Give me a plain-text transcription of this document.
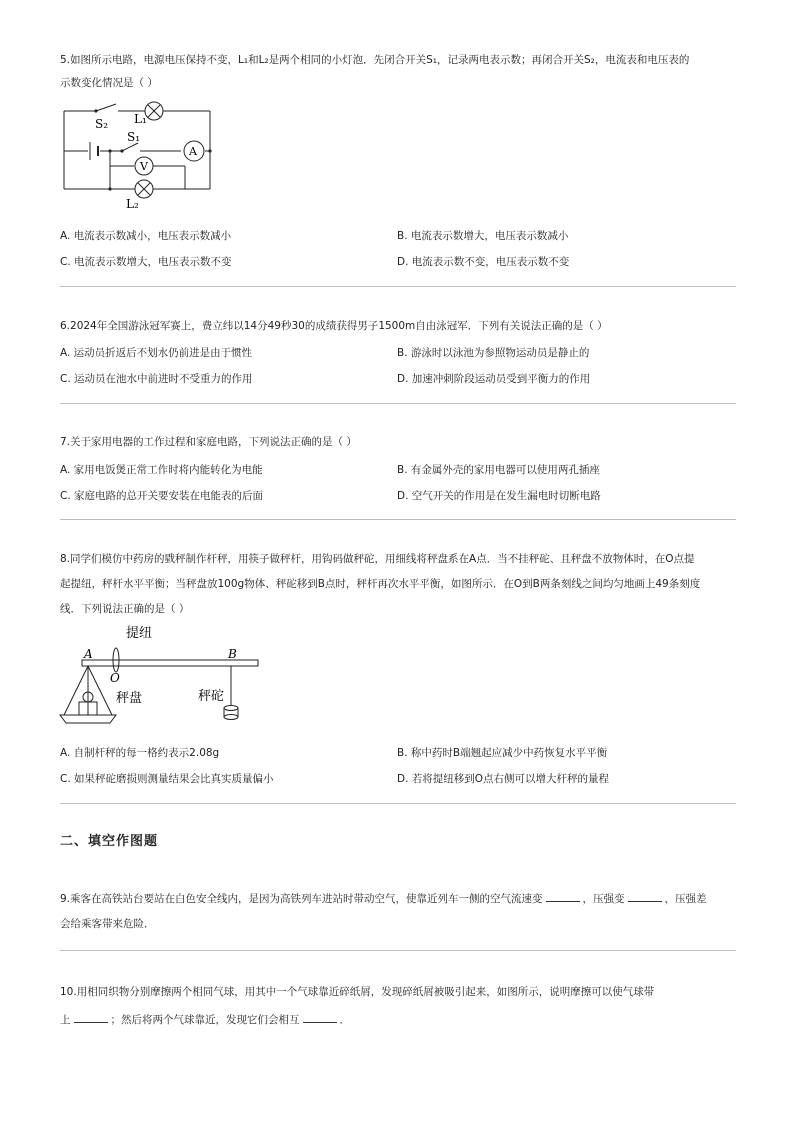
5.如图所示电路，电源电压保持不变，L₁和L₂是两个相同的小灯泡．先闭合开关S₁，记录两电表示数；再闭合开关S₂，电流表和电压表的
示数变化情况是（ ）
S₂ L₁
S₁
A
V
L₂
A. 电流表示数减小，电压表示数减小	B. 电流表示数增大，电压表示数减小
C. 电流表示数增大，电压表示数不变	D. 电流表示数不变，电压表示数不变
6.2024年全国游泳冠军赛上，费立纬以14分49秒30的成绩获得男子1500m自由泳冠军．下列有关说法正确的是（ ）
A. 运动员折返后不划水仍前进是由于惯性	B. 游泳时以泳池为参照物运动员是静止的
C. 运动员在池水中前进时不受重力的作用	D. 加速冲刺阶段运动员受到平衡力的作用
7.关于家用电器的工作过程和家庭电路，下列说法正确的是（ ）
A. 家用电饭煲正常工作时将内能转化为电能	B. 有金属外壳的家用电器可以使用两孔插座
C. 家庭电路的总开关要安装在电能表的后面	D. 空气开关的作用是在发生漏电时切断电路
8.同学们模仿中药房的戥秤制作杆秤，用筷子做秤杆，用钩码做秤砣，用细线将秤盘系在A点．当不挂秤砣、且秤盘不放物体时，在O点提
起提纽，秤杆水平平衡；当秤盘放100g物体、秤砣移到B点时，秤杆再次水平平衡，如图所示．在O到B两条刻线之间均匀地画上49条刻度
线．下列说法正确的是（ ）
提纽
A	B
O
秤盘	秤砣
A. 自制杆秤的每一格约表示2.08g	B. 称中药时B端翘起应减少中药恢复水平平衡
C. 如果秤砣磨损则测量结果会比真实质量偏小	D. 若将提纽移到O点右侧可以增大杆秤的量程
二、填空作图题
9.乘客在高铁站台要站在白色安全线内，是因为高铁列车进站时带动空气，使靠近列车一侧的空气流速变	，压强变	，压强差
会给乘客带来危险．
10.用相同织物分别摩擦两个相同气球，用其中一个气球靠近碎纸屑，发现碎纸屑被吸引起来，如图所示，说明摩擦可以使气球带
上	；然后将两个气球靠近，发现它们会相互	．
